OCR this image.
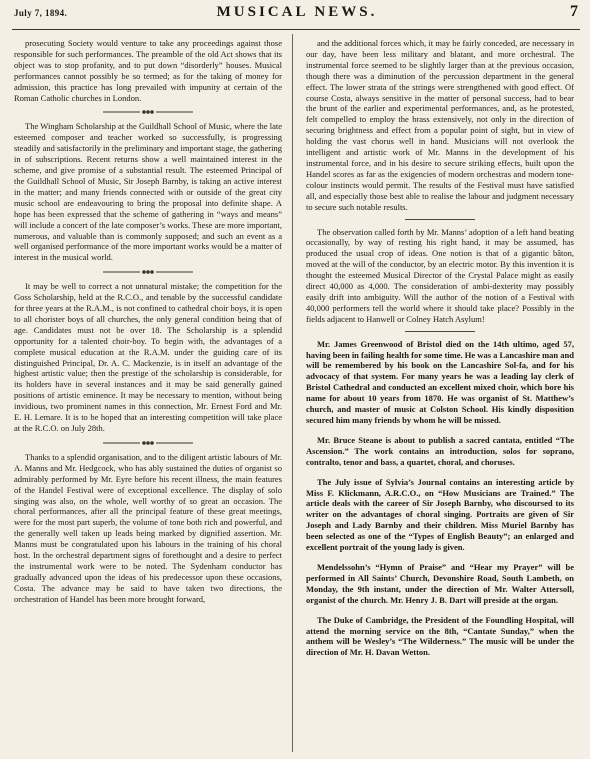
MUSICAL NEWS.
July 7, 1894.	7

prosecuting Society would venture to take any proceedings against those responsible for such performances. The preamble of the old Act shows that its object was to stop profanity, and to put down “disorderly” houses. Musical performances cannot possibly be so termed; as for the taking of money for admission, this practice has long prevailed with impunity at certain of the Roman Catholic churches in London.

The Wingham Scholarship at the Guildhall School of Music, where the late esteemed composer and teacher worked so successfully, is progressing steadily and satisfactorily in the preliminary and important stage, the gathering in of subscriptions. Recent returns show a well maintained interest in the scheme, and give promise of a substantial result. The esteemed Principal of the Guildhall School of Music, Sir Joseph Barnby, is taking an active interest in the matter; and many friends connected with or outside of the great city music school are endeavouring to bring the proposal into definite shape. A hope has been expressed that the scheme of gathering in “ways and means” will include a concert of the late composer’s works. These are more important, numerous, and valuable than is commonly supposed; and such an event as a well organised performance of the more important works would be a matter of interest in the musical world.

It may be well to correct a not unnatural mistake; the competition for the Goss Scholarship, held at the R.C.O., and tenable by the successful candidate for three years at the R.A.M., is not confined to cathedral choir boys, it is open to all chorister boys of all churches, the only general condition being that of age. Candidates must not be over 18. The Scholarship is a splendid opportunity for a talented choir-boy. To begin with, the advantages of a complete musical education at the R.A.M. under the guiding care of its distinguished Principal, Dr. A. C. Mackenzie, is in itself an advantage of the highest artistic value; then the prestige of the scholarship is considerable, for its holders have in several instances and it may be said generally gained positions of artistic eminence. It may be necessary to mention, without being invidious, two prominent names in this connection, Mr. Ernest Ford and Mr. E. H. Lemare. It is to be hoped that an interesting competition will take place at the R.C.O. on July 28th.

Thanks to a splendid organisation, and to the diligent artistic labours of Mr. A. Manns and Mr. Hedgcock, who has ably sustained the duties of organist so admirably performed by Mr. Eyre before his recent illness, the main features of the Handel Festival were of exceptional excellence. The display of solo singing was also, on the whole, well worthy of so great an occasion. The choral performances, after all the principal feature of these great meetings, were for the most part superb, the volume of tone both rich and powerful, and the generally well taken up leads being marked by dignified assertion. Mr. Manns must be congratulated upon his labours in the training of his choral host. In the orchestral department signs of forethought and a desire to perfect the instrumental work were to be noted. The Sydenham conductor has gradually advanced upon the ideas of his predecessor upon these occasions, Costa. The advance may be said to have taken two directions, the orchestration of Handel has been more brought forward,

and the additional forces which, it may be fairly conceded, are necessary in our day, have been less military and blatant, and more orchestral. The instrumental force seemed to be slightly larger than at the previous occasion, though there was a diminution of the percussion department in the general effect. The lower strata of the strings were strengthened with good effect. Of course Costa, always sensitive in the matter of personal success, had to bear the brunt of the earlier and experimental performances, and, as he protested, felt compelled to employ the brass extensively, not only in the direction of securing brightness and effect from a popular point of sight, but in view of holding the vast chorus well in hand. Musicians will not overlook the intelligent and artistic work of Mr. Manns in the development of his instrumental force, and in his desire to secure striking effects, built upon the Handel scores as far as the exigencies of modern orchestras and modern tone-colour instincts would permit. The results of the Festival must have satisfied all, and especially those best able to realise the labour and judgment necessary to secure such notable results.

The observation called forth by Mr. Manns’ adoption of a left hand beating occasionally, by way of resting his right hand, it may be assumed, has produced the usual crop of ideas. One notion is that of a gigantic bâton, moved at the will of the conductor, by an electric motor. By this invention it is thought the esteemed Musical Director of the Crystal Palace might as easily direct 40,000 as 4,000. The consideration of ambi-dexterity may possibly easily drift into ambiguity. Will the author of the notion of a Festival with 40,000 performers tell the world where it should take place? Possibly in the fields adjacent to Hanwell or Colney Hatch Asylum!

Mr. James Greenwood of Bristol died on the 14th ultimo, aged 57, having been in failing health for some time. He was a Lancashire man and will be remembered by his book on the Lancashire Sol-fa, and for his advocacy of that system. For many years he was a leading lay clerk of Bristol Cathedral and conducted an excellent mixed choir, which bore his name for about 10 years from 1870. He was organist of St. Matthew’s church, and master of music at Colston School. His kindly disposition secured him many friends by whom he will be missed.

Mr. Bruce Steane is about to publish a sacred cantata, entitled “The Ascension.” The work contains an introduction, solos for soprano, contralto, tenor and bass, a quartet, choral, and choruses.

The July issue of Sylvia’s Journal contains an interesting article by Miss F. Klickmann, A.R.C.O., on “How Musicians are Trained.” The article deals with the career of Sir Joseph Barnby, who discoursed to its writer on the advantages of choral singing. Portraits are given of Sir Joseph and Lady Barnby and their children. Miss Muriel Barnby has been selected as one of the “Types of English Beauty”; an enlarged and excellent portrait of the young lady is given.

Mendelssohn’s “Hymn of Praise” and “Hear my Prayer” will be performed in All Saints’ Church, Devonshire Road, South Lambeth, on Monday, the 9th instant, under the direction of Mr. Walter Attersoll, organist of the church. Mr. Henry J. B. Dart will preside at the organ.

The Duke of Cambridge, the President of the Foundling Hospital, will attend the morning service on the 8th, “Cantate Sunday,” when the anthem will be Wesley’s “The Wilderness.” The music will be under the direction of Mr. H. Davan Wetton.
